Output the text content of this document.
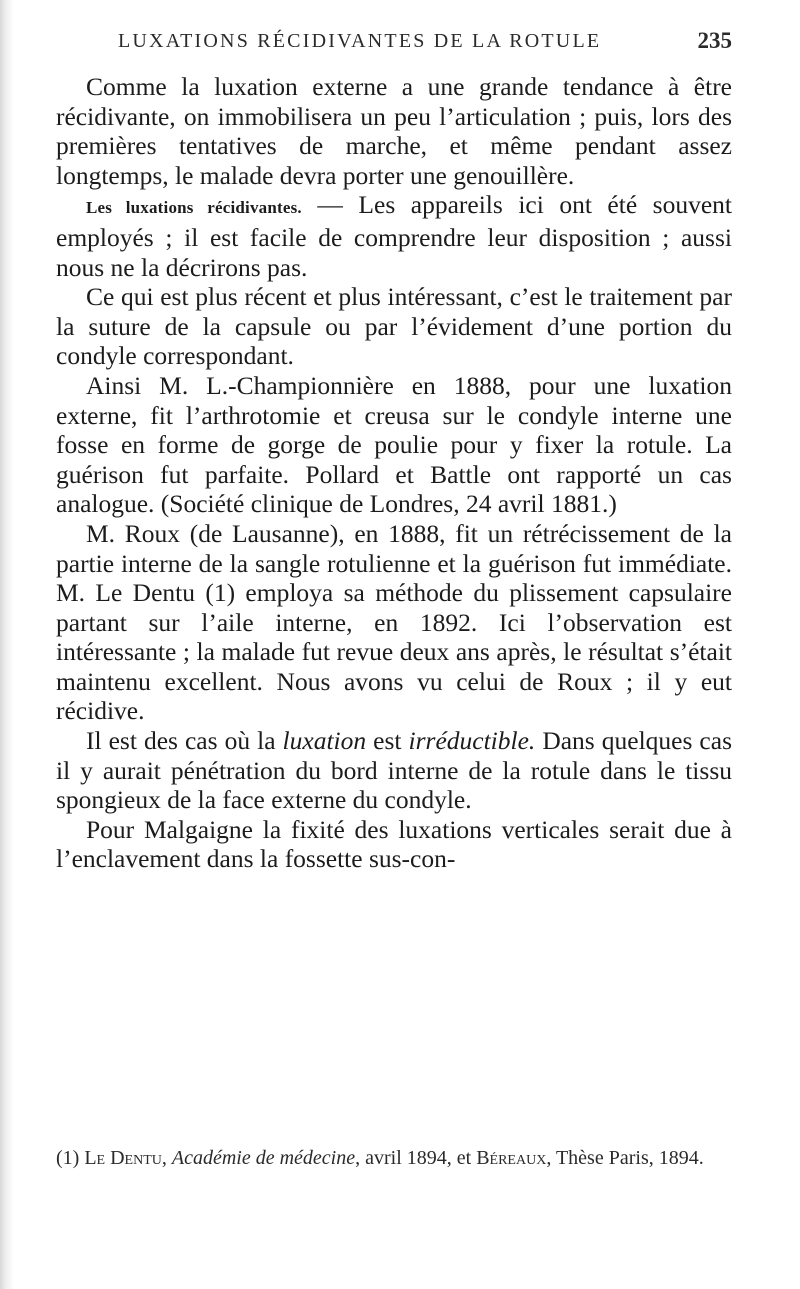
LUXATIONS RÉCIDIVANTES DE LA ROTULE	235

Comme la luxation externe a une grande tendance à être récidivante, on immobilisera un peu l’articulation ; puis, lors des premières tentatives de marche, et même pendant assez longtemps, le malade devra porter une genouillère.

Les luxations récidivantes. — Les appareils ici ont été souvent employés ; il est facile de comprendre leur disposition ; aussi nous ne la décrirons pas.

Ce qui est plus récent et plus intéressant, c’est le traitement par la suture de la capsule ou par l’évidement d’une portion du condyle correspondant.

Ainsi M. L.-Championnière en 1888, pour une luxation externe, fit l’arthrotomie et creusa sur le condyle interne une fosse en forme de gorge de poulie pour y fixer la rotule. La guérison fut parfaite. Pollard et Battle ont rapporté un cas analogue. (Société clinique de Londres, 24 avril 1881.)

M. Roux (de Lausanne), en 1888, fit un rétrécissement de la partie interne de la sangle rotulienne et la guérison fut immédiate. M. Le Dentu (1) employa sa méthode du plissement capsulaire partant sur l’aile interne, en 1892. Ici l’observation est intéressante ; la malade fut revue deux ans après, le résultat s’était maintenu excellent. Nous avons vu celui de Roux ; il y eut récidive.

Il est des cas où la luxation est irréductible. Dans quelques cas il y aurait pénétration du bord interne de la rotule dans le tissu spongieux de la face externe du condyle.

Pour Malgaigne la fixité des luxations verticales serait due à l’enclavement dans la fossette sus-con-

(1) Le Dentu, Académie de médecine, avril 1894, et Béreaux, Thèse Paris, 1894.
